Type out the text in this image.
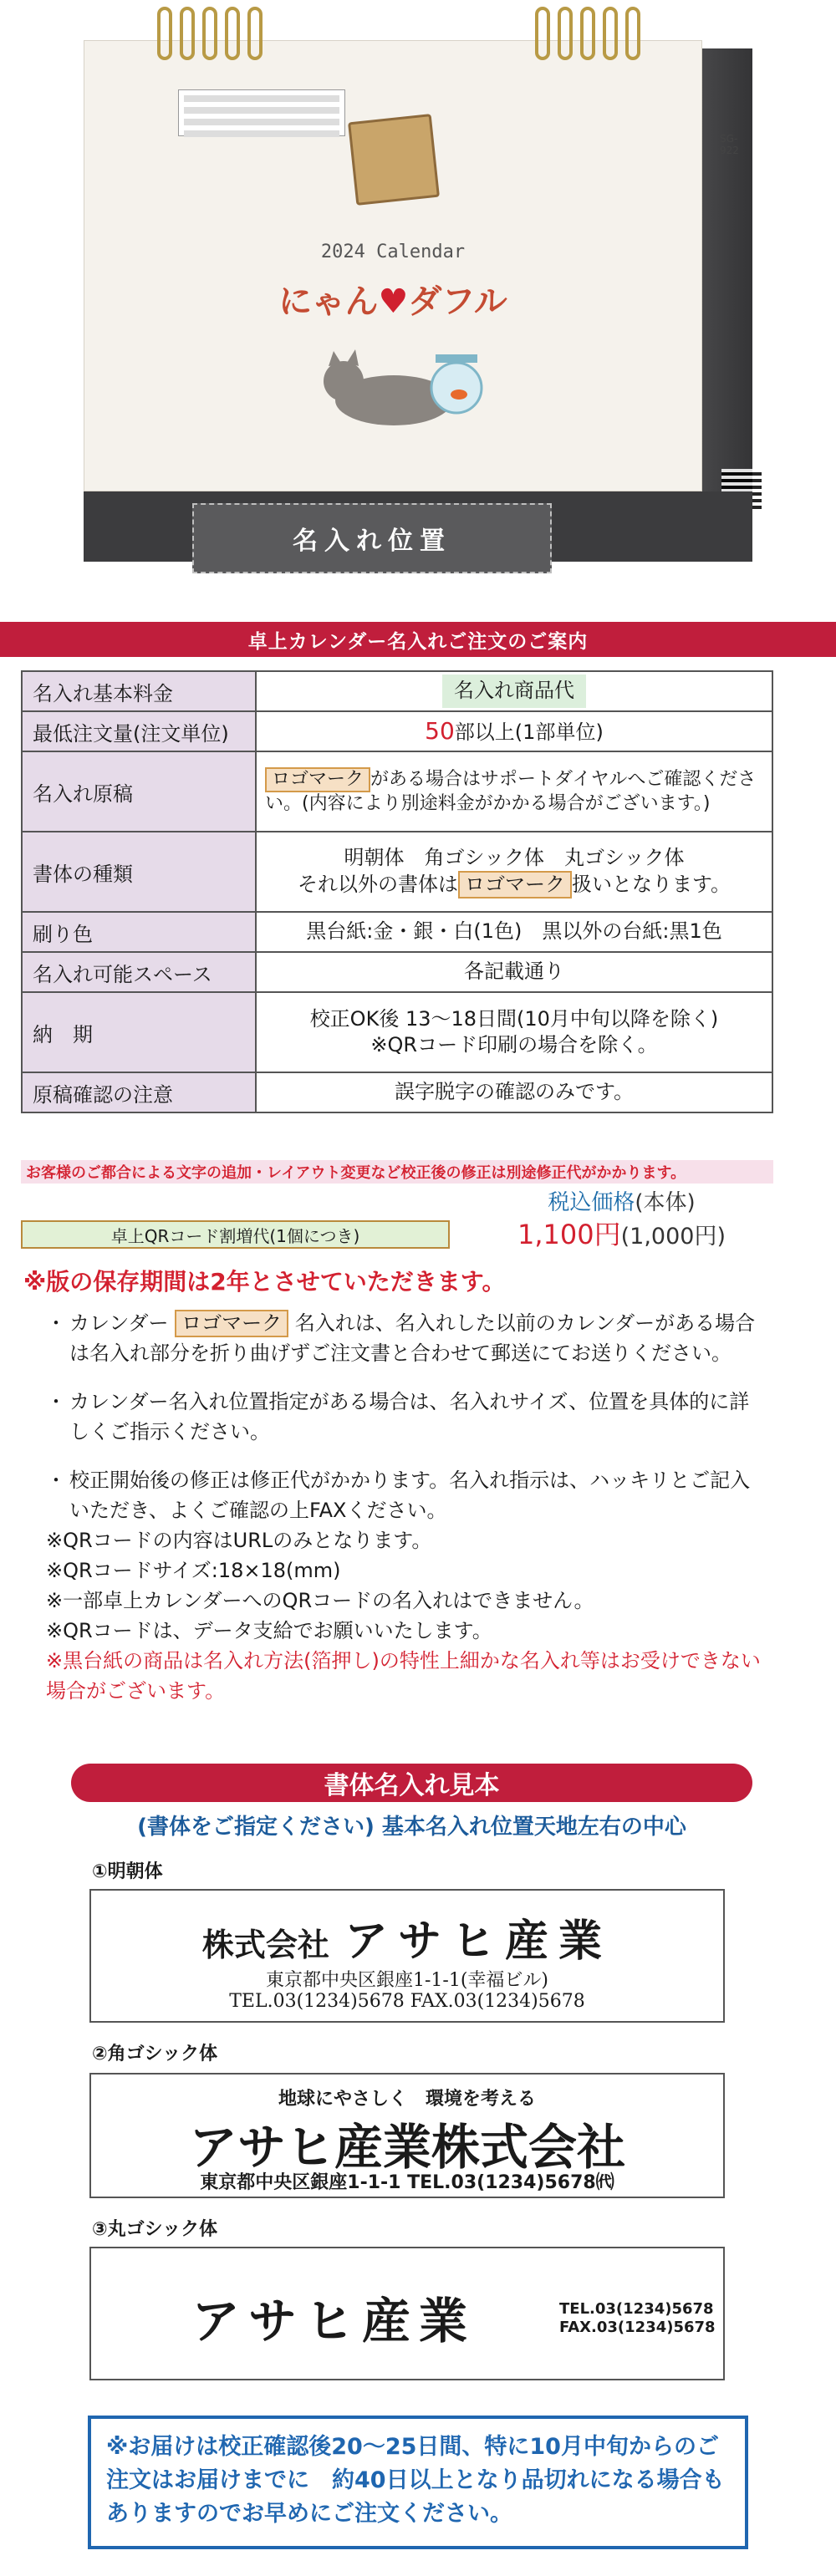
SG-922
2024 Calendar
にゃん♥ダフル
名入れ位置
卓上カレンダー名入れご注文のご案内
名入れ基本料金	名入れ商品代
最低注文量(注文単位)	50部以上(1部単位)
名入れ原稿	ロゴマーク がある場合はサポートダイヤルへご確認くださ
い。(内容により別途料金がかかる場合がございます。)
書体の種類	明朝体　角ゴシック体　丸ゴシック体
それ以外の書体は ロゴマーク 扱いとなります。
刷り色	黒台紙:金・銀・白(1色)　黒以外の台紙:黒1色
名入れ可能スペース	各記載通り
納　期	校正OK後 13～18日間(10月中旬以降を除く)
※QRコード印刷の場合を除く。
原稿確認の注意	誤字脱字の確認のみです。
お客様のご都合による文字の追加・レイアウト変更など校正後の修正は別途修正代がかかります。
税込価格(本体)
卓上QRコード割増代(1個につき)	1,100円(1,000円)
※版の保存期間は2年とさせていただきます。

・ カレンダー ロゴマーク 名入れは、名入れした以前のカレンダーがある場合は名入れ部分を折り曲げずご注文書と合わせて郵送にてお送りください。

・ カレンダー名入れ位置指定がある場合は、名入れサイズ、位置を具体的に詳しくご指示ください。

・ 校正開始後の修正は修正代がかかります。名入れ指示は、ハッキリとご記入いただき、よくご確認の上FAXください。

※QRコードの内容はURLのみとなります。

※QRコードサイズ:18×18(mm)

※一部卓上カレンダーへのQRコードの名入れはできません。

※QRコードは、データ支給でお願いいたします。

※黒台紙の商品は名入れ方法(箔押し)の特性上細かな名入れ等はお受けできない場合がございます。

書体名入れ見本
(書体をご指定ください) 基本名入れ位置天地左右の中心
①明朝体
株式会社 アサヒ産業
東京都中央区銀座1-1-1(幸福ビル)
TEL.03(1234)5678 FAX.03(1234)5678
②角ゴシック体
地球にやさしく　環境を考える
アサヒ産業株式会社
東京都中央区銀座1-1-1 TEL.03(1234)5678㈹
③丸ゴシック体
アサヒ産業	TEL.03(1234)5678
FAX.03(1234)5678
※お届けは校正確認後20～25日間、特に10月中旬からのご注文はお届けまでに　約40日以上となり品切れになる場合もありますのでお早めにご注文ください。
